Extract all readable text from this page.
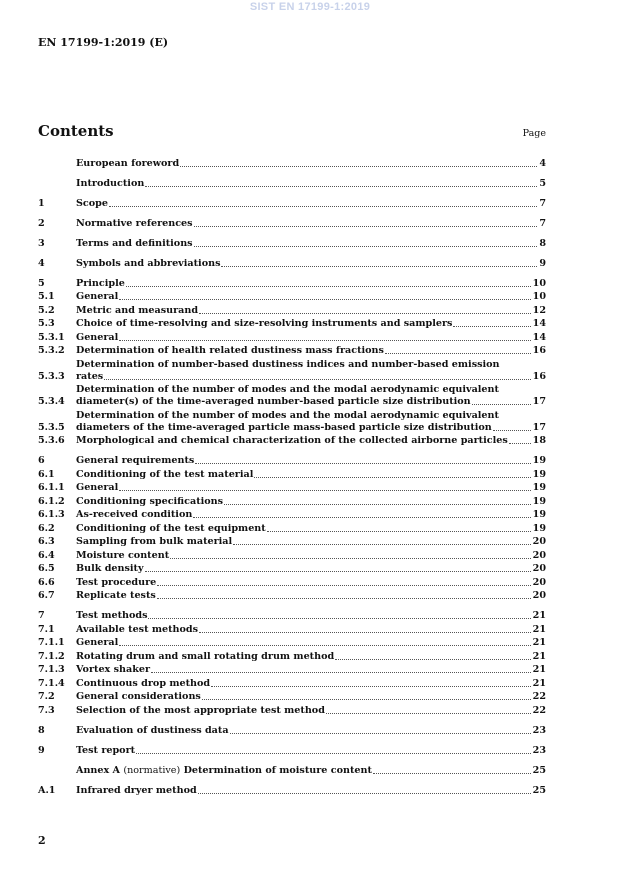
SIST EN 17199-1:2019
EN 17199-1:2019 (E)
Contents	Page
European foreword	4
Introduction	5
1	Scope	7
2	Normative references	7
3	Terms and definitions	8
4	Symbols and abbreviations	9
5	Principle	10
5.1	General	10
5.2	Metric and measurand	12
5.3	Choice of time-resolving and size-resolving instruments and samplers	14
5.3.1	General	14
5.3.2	Determination of health related dustiness mass fractions	16
5.3.3
Determination of number-based dustiness indices and number-based emission
rates	16
5.3.4
Determination of the number of modes and the modal aerodynamic equivalent
diameter(s) of the time-averaged number-based particle size distribution	17
5.3.5
Determination of the number of modes and the modal aerodynamic equivalent
diameters of the time-averaged particle mass-based particle size distribution	17
5.3.6	Morphological and chemical characterization of the collected airborne particles	18
6	General requirements	19
6.1	Conditioning of the test material	19
6.1.1	General	19
6.1.2	Conditioning specifications	19
6.1.3	As-received condition	19
6.2	Conditioning of the test equipment	19
6.3	Sampling from bulk material	20
6.4	Moisture content	20
6.5	Bulk density	20
6.6	Test procedure	20
6.7	Replicate tests	20
7	Test methods	21
7.1	Available test methods	21
7.1.1	General	21
7.1.2	Rotating drum and small rotating drum method	21
7.1.3	Vortex shaker	21
7.1.4	Continuous drop method	21
7.2	General considerations	22
7.3	Selection of the most appropriate test method	22
8	Evaluation of dustiness data	23
9	Test report	23
Annex A (normative) Determination of moisture content	25
A.1	Infrared dryer method	25
2
